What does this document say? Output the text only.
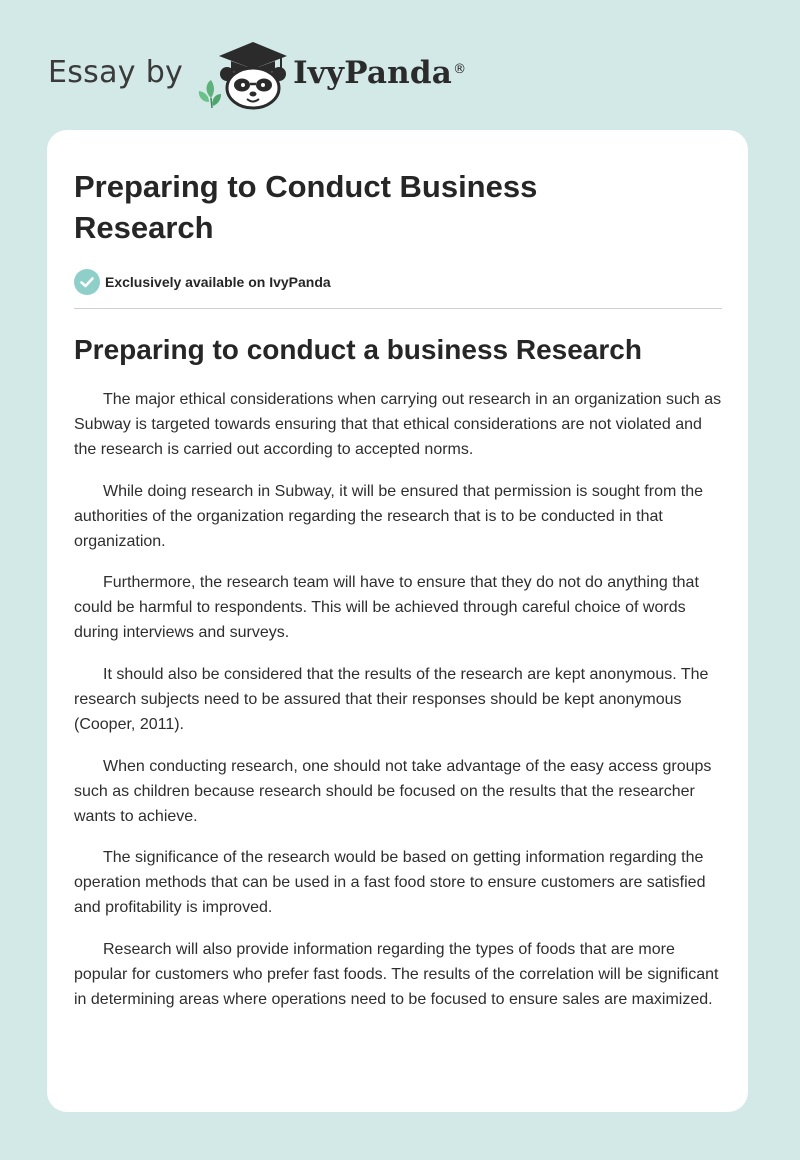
Essay by	IvyPanda ®
Preparing to Conduct Business Research
Exclusively available on IvyPanda
Preparing to conduct a business Research

The major ethical considerations when carrying out research in an organization such as Subway is targeted towards ensuring that that ethical considerations are not violated and the research is carried out according to accepted norms.

While doing research in Subway, it will be ensured that permission is sought from the authorities of the organization regarding the research that is to be conducted in that organization.

Furthermore, the research team will have to ensure that they do not do anything that could be harmful to respondents. This will be achieved through careful choice of words during interviews and surveys.

It should also be considered that the results of the research are kept anonymous. The research subjects need to be assured that their responses should be kept anonymous (Cooper, 2011).

When conducting research, one should not take advantage of the easy access groups such as children because research should be focused on the results that the researcher wants to achieve.

The significance of the research would be based on getting information regarding the operation methods that can be used in a fast food store to ensure customers are satisfied and profitability is improved.

Research will also provide information regarding the types of foods that are more popular for customers who prefer fast foods. The results of the correlation will be significant in determining areas where operations need to be focused to ensure sales are maximized.
